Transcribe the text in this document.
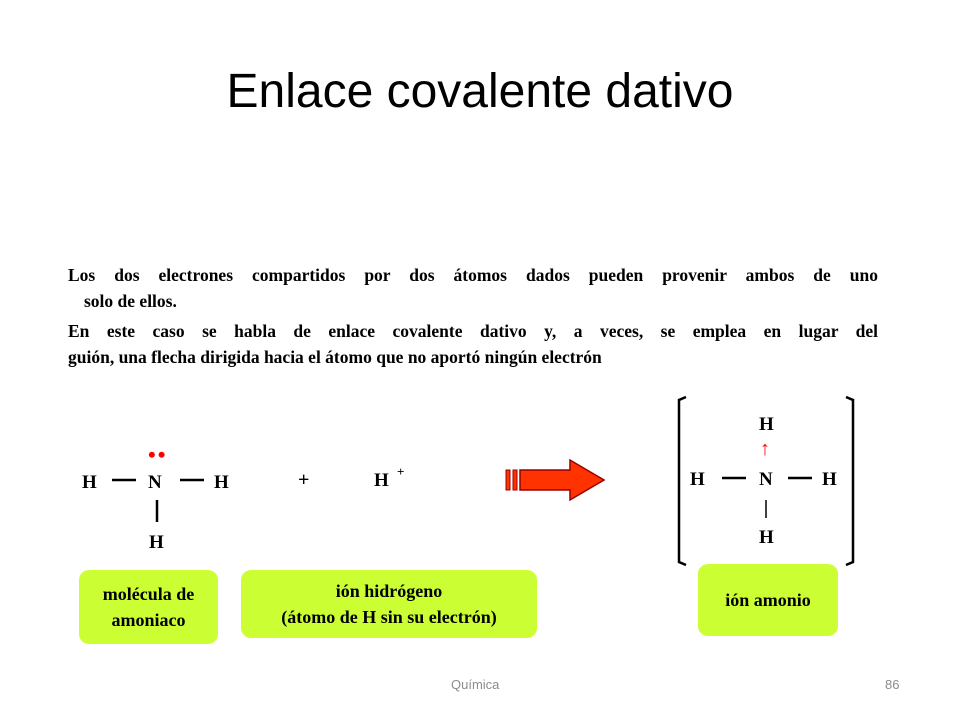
Enlace covalente dativo
Los dos electrones compartidos por dos átomos dados pueden provenir ambos de uno
solo de ellos.
En este caso se habla de enlace covalente dativo y, a veces, se emplea en lugar del
guión, una flecha dirigida hacia el átomo que no aportó ningún electrón
H	N
••
H
H
+	H +
H
↑
H	N	H
H
molécula de
amoniaco
ión hidrógeno
(átomo de H sin su electrón)
ión amonio
Química	86
